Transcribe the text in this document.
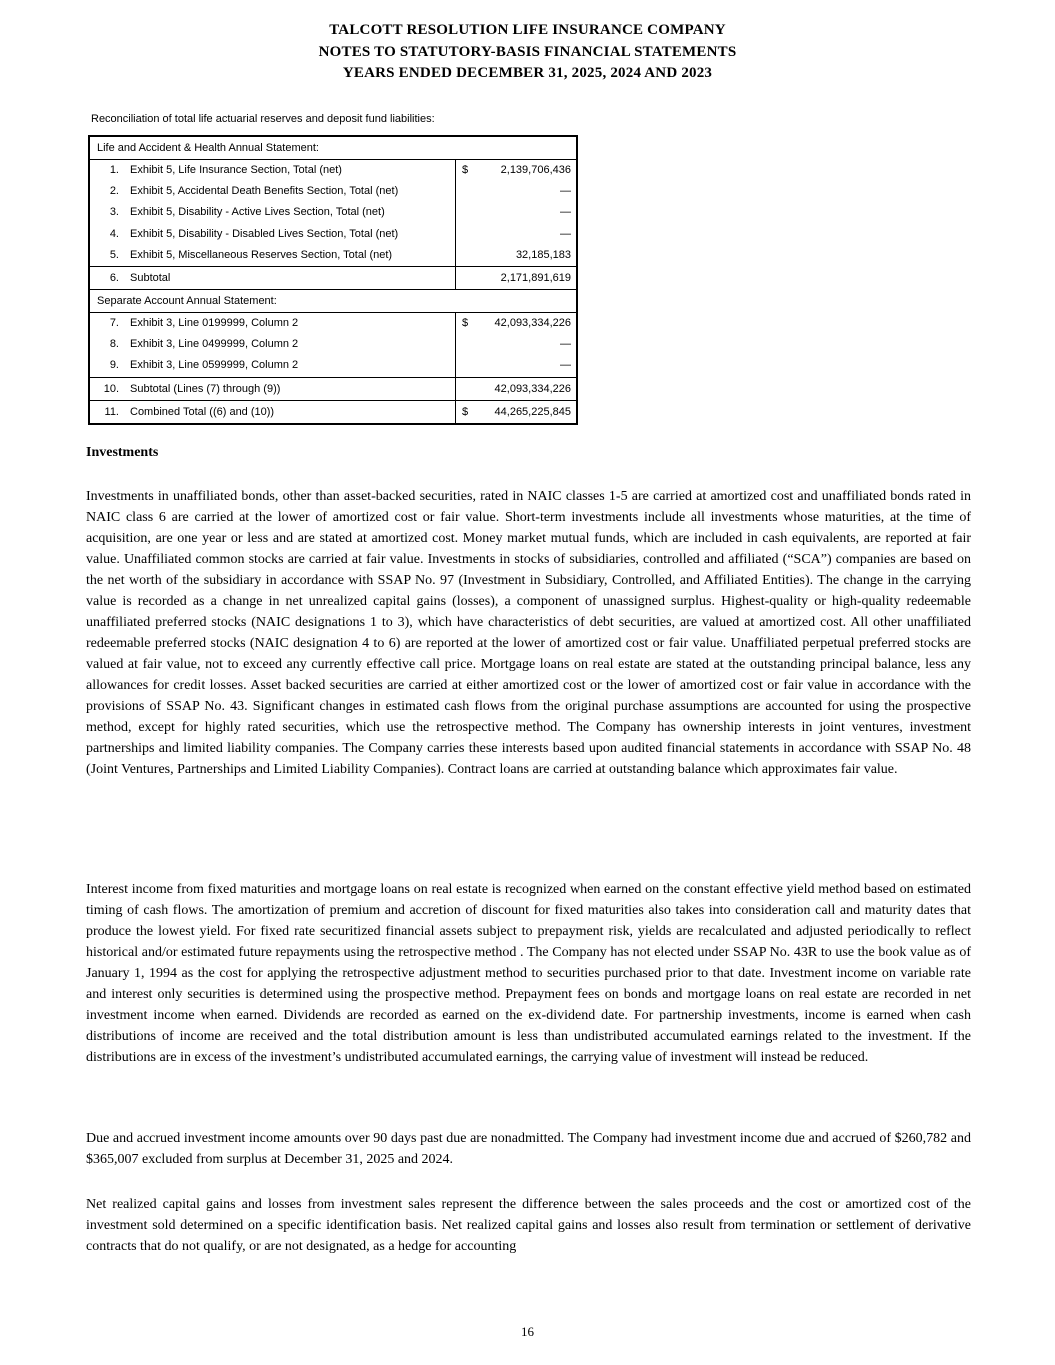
TALCOTT RESOLUTION LIFE INSURANCE COMPANY
NOTES TO STATUTORY-BASIS FINANCIAL STATEMENTS
YEARS ENDED DECEMBER 31, 2025, 2024 AND 2023
Reconciliation of total life actuarial reserves and deposit fund liabilities:
Life and Accident & Health Annual Statement:
1. Exhibit 5, Life Insurance Section, Total (net)	$	2,139,706,436
2. Exhibit 5, Accidental Death Benefits Section, Total (net)	—
3. Exhibit 5, Disability - Active Lives Section, Total (net)	—
4. Exhibit 5, Disability - Disabled Lives Section, Total (net)	—
5. Exhibit 5, Miscellaneous Reserves Section, Total (net)	32,185,183
6. Subtotal	2,171,891,619
Separate Account Annual Statement:
7. Exhibit 3, Line 0199999, Column 2	$	42,093,334,226
8. Exhibit 3, Line 0499999, Column 2	—
9. Exhibit 3, Line 0599999, Column 2	—
10. Subtotal (Lines (7) through (9))	42,093,334,226
11. Combined Total ((6) and (10))	$	44,265,225,845
Investments
Investments in unaffiliated bonds, other than asset-backed securities, rated in NAIC classes 1-5 are carried at amortized cost and unaffiliated bonds rated in NAIC class 6 are carried at the lower of amortized cost or fair value. Short-term investments include all investments whose maturities, at the time of acquisition, are one year or less and are stated at amortized cost. Money market mutual funds, which are included in cash equivalents, are reported at fair value. Unaffiliated common stocks are carried at fair value. Investments in stocks of subsidiaries, controlled and affiliated (“SCA”) companies are based on the net worth of the subsidiary in accordance with SSAP No. 97 (Investment in Subsidiary, Controlled, and Affiliated Entities). The change in the carrying value is recorded as a change in net unrealized capital gains (losses), a component of unassigned surplus. Highest-quality or high-quality redeemable unaffiliated preferred stocks (NAIC designations 1 to 3), which have characteristics of debt securities, are valued at amortized cost. All other unaffiliated redeemable preferred stocks (NAIC designation 4 to 6) are reported at the lower of amortized cost or fair value. Unaffiliated perpetual preferred stocks are valued at fair value, not to exceed any currently effective call price. Mortgage loans on real estate are stated at the outstanding principal balance, less any allowances for credit losses. Asset backed securities are carried at either amortized cost or the lower of amortized cost or fair value in accordance with the provisions of SSAP No. 43. Significant changes in estimated cash flows from the original purchase assumptions are accounted for using the prospective method, except for highly rated securities, which use the retrospective method. The Company has ownership interests in joint ventures, investment partnerships and limited liability companies. The Company carries these interests based upon audited financial statements in accordance with SSAP No. 48 (Joint Ventures, Partnerships and Limited Liability Companies). Contract loans are carried at outstanding balance which approximates fair value.
Interest income from fixed maturities and mortgage loans on real estate is recognized when earned on the constant effective yield method based on estimated timing of cash flows. The amortization of premium and accretion of discount for fixed maturities also takes into consideration call and maturity dates that produce the lowest yield. For fixed rate securitized financial assets subject to prepayment risk, yields are recalculated and adjusted periodically to reflect historical and/or estimated future repayments using the retrospective method . The Company has not elected under SSAP No. 43R to use the book value as of January 1, 1994 as the cost for applying the retrospective adjustment method to securities purchased prior to that date. Investment income on variable rate and interest only securities is determined using the prospective method. Prepayment fees on bonds and mortgage loans on real estate are recorded in net investment income when earned. Dividends are recorded as earned on the ex-dividend date. For partnership investments, income is earned when cash distributions of income are received and the total distribution amount is less than undistributed accumulated earnings related to the investment. If the distributions are in excess of the investment’s undistributed accumulated earnings, the carrying value of investment will instead be reduced.
Due and accrued investment income amounts over 90 days past due are nonadmitted. The Company had investment income due and accrued of $260,782 and $365,007 excluded from surplus at December 31, 2025 and 2024.
Net realized capital gains and losses from investment sales represent the difference between the sales proceeds and the cost or amortized cost of the investment sold determined on a specific identification basis. Net realized capital gains and losses also result from termination or settlement of derivative contracts that do not qualify, or are not designated, as a hedge for accounting
16
